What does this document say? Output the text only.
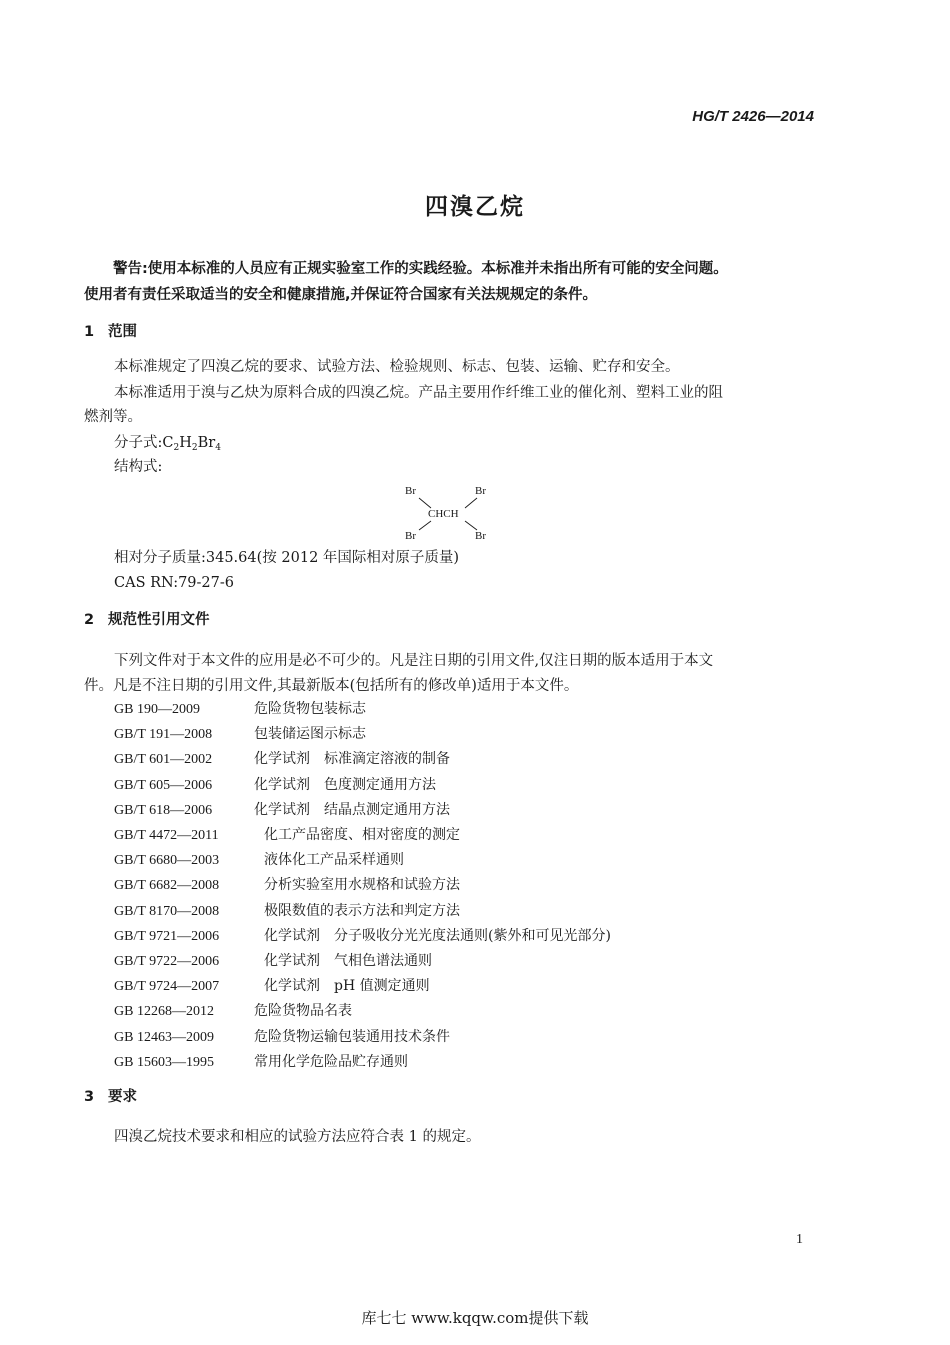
HG/T 2426—2014
四溴乙烷
警告:使用本标准的人员应有正规实验室工作的实践经验。本标准并未指出所有可能的安全问题。
使用者有责任采取适当的安全和健康措施,并保证符合国家有关法规规定的条件。
1 范围
本标准规定了四溴乙烷的要求、试验方法、检验规则、标志、包装、运输、贮存和安全。
本标准适用于溴与乙炔为原料合成的四溴乙烷。产品主要用作纤维工业的催化剂、塑料工业的阻
燃剂等。
分子式$:C_2H_2Br_4$
结构式:
Br	Br
CHCH
Br	Br
相对分子质量:345.64(按 2012 年国际相对原子质量)
CAS RN:79-27-6
2 规范性引用文件
下列文件对于本文件的应用是必不可少的。凡是注日期的引用文件,仅注日期的版本适用于本文
件。凡是不注日期的引用文件,其最新版本(包括所有的修改单)适用于本文件。
GB 190—2009	危险货物包装标志
GB/T 191—2008	包装储运图示标志
GB/T 601—2002	化学试剂　标准滴定溶液的制备
GB/T 605—2006	化学试剂　色度测定通用方法
GB/T 618—2006	化学试剂　结晶点测定通用方法
GB/T 4472—2011	化工产品密度、相对密度的测定
GB/T 6680—2003	液体化工产品采样通则
GB/T 6682—2008	分析实验室用水规格和试验方法
GB/T 8170—2008	极限数值的表示方法和判定方法
GB/T 9721—2006	化学试剂　分子吸收分光光度法通则(紫外和可见光部分)
GB/T 9722—2006	化学试剂　气相色谱法通则
GB/T 9724—2007	化学试剂　pH 值测定通则
GB 12268—2012	危险货物品名表
GB 12463—2009	危险货物运输包装通用技术条件
GB 15603—1995	常用化学危险品贮存通则
3 要求
四溴乙烷技术要求和相应的试验方法应符合表 1 的规定。
1
库七七 www.kqqw.com提供下载
